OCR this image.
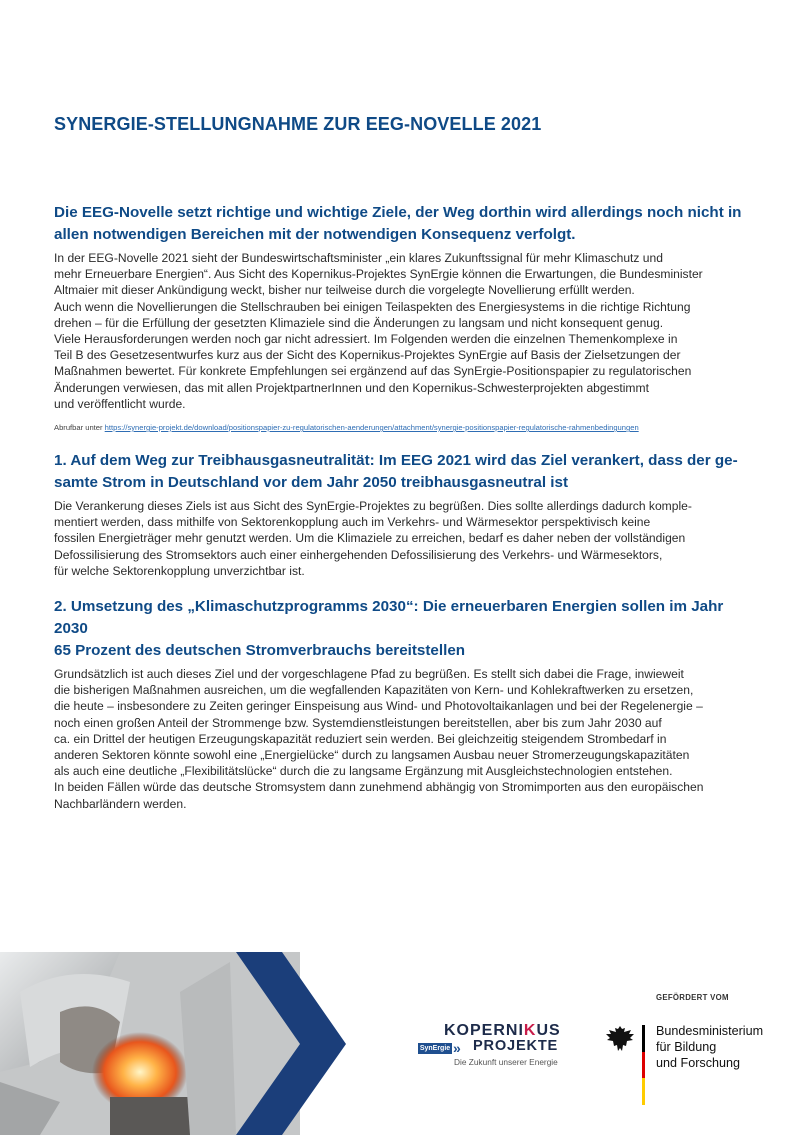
SYNERGIE-STELLUNGNAHME ZUR EEG-NOVELLE 2021
Die EEG-Novelle setzt richtige und wichtige Ziele, der Weg dorthin wird allerdings noch nicht in
allen notwendigen Bereichen mit der notwendigen Konsequenz verfolgt.

In der EEG-Novelle 2021 sieht der Bundeswirtschaftsminister „ein klares Zukunftssignal für mehr Klimaschutz und
mehr Erneuerbare Energien“. Aus Sicht des Kopernikus-Projektes SynErgie können die Erwartungen, die Bundesminister
Altmaier mit dieser Ankündigung weckt, bisher nur teilweise durch die vorgelegte Novellierung erfüllt werden.
Auch wenn die Novellierungen die Stellschrauben bei einigen Teilaspekten des Energiesystems in die richtige Richtung
drehen – für die Erfüllung der gesetzten Klimaziele sind die Änderungen zu langsam und nicht konsequent genug.
Viele Herausforderungen werden noch gar nicht adressiert. Im Folgenden werden die einzelnen Themenkomplexe in
Teil B des Gesetzesentwurfes kurz aus der Sicht des Kopernikus-Projektes SynErgie auf Basis der Zielsetzungen der
Maßnahmen bewertet. Für konkrete Empfehlungen sei ergänzend auf das SynErgie-Positionspapier zu regulatorischen
Änderungen verwiesen, das mit allen ProjektpartnerInnen und den Kopernikus-Schwesterprojekten abgestimmt
und veröffentlicht wurde.

Abrufbar unter https://synergie-projekt.de/download/positionspapier-zu-regulatorischen-aenderungen/attachment/synergie-positionspapier-regulatorische-rahmenbedingungen

1. Auf dem Weg zur Treibhausgasneutralität: Im EEG 2021 wird das Ziel verankert, dass der ge-
samte Strom in Deutschland vor dem Jahr 2050 treibhausgasneutral ist

Die Verankerung dieses Ziels ist aus Sicht des SynErgie-Projektes zu begrüßen. Dies sollte allerdings dadurch komple-
mentiert werden, dass mithilfe von Sektorenkopplung auch im Verkehrs- und Wärmesektor perspektivisch keine
fossilen Energieträger mehr genutzt werden. Um die Klimaziele zu erreichen, bedarf es daher neben der vollständigen
Defossilisierung des Stromsektors auch einer einhergehenden Defossilisierung des Verkehrs- und Wärmesektors,
für welche Sektorenkopplung unverzichtbar ist.

2. Umsetzung des „Klimaschutzprogramms 2030“: Die erneuerbaren Energien sollen im Jahr 2030
65 Prozent des deutschen Stromverbrauchs bereitstellen

Grundsätzlich ist auch dieses Ziel und der vorgeschlagene Pfad zu begrüßen. Es stellt sich dabei die Frage, inwieweit
die bisherigen Maßnahmen ausreichen, um die wegfallenden Kapazitäten von Kern- und Kohlekraftwerken zu ersetzen,
die heute – insbesondere zu Zeiten geringer Einspeisung aus Wind- und Photovoltaikanlagen und bei der Regelenergie –
noch einen großen Anteil der Strommenge bzw. Systemdienstleistungen bereitstellen, aber bis zum Jahr 2030 auf
ca. ein Drittel der heutigen Erzeugungskapazität reduziert sein werden. Bei gleichzeitig steigendem Strombedarf in
anderen Sektoren könnte sowohl eine „Energielücke“ durch zu langsamen Ausbau neuer Stromerzeugungskapazitäten
als auch eine deutliche „Flexibilitätslücke“ durch die zu langsame Ergänzung mit Ausgleichstechnologien entstehen.
In beiden Fällen würde das deutsche Stromsystem dann zunehmend abhängig von Stromimporten aus den europäischen
Nachbarländern werden.

KOPERNIKUS
SynErgie » PROJEKTE
Die Zukunft unserer Energie
GEFÖRDERT VOM
Bundesministerium
für Bildung
und Forschung
